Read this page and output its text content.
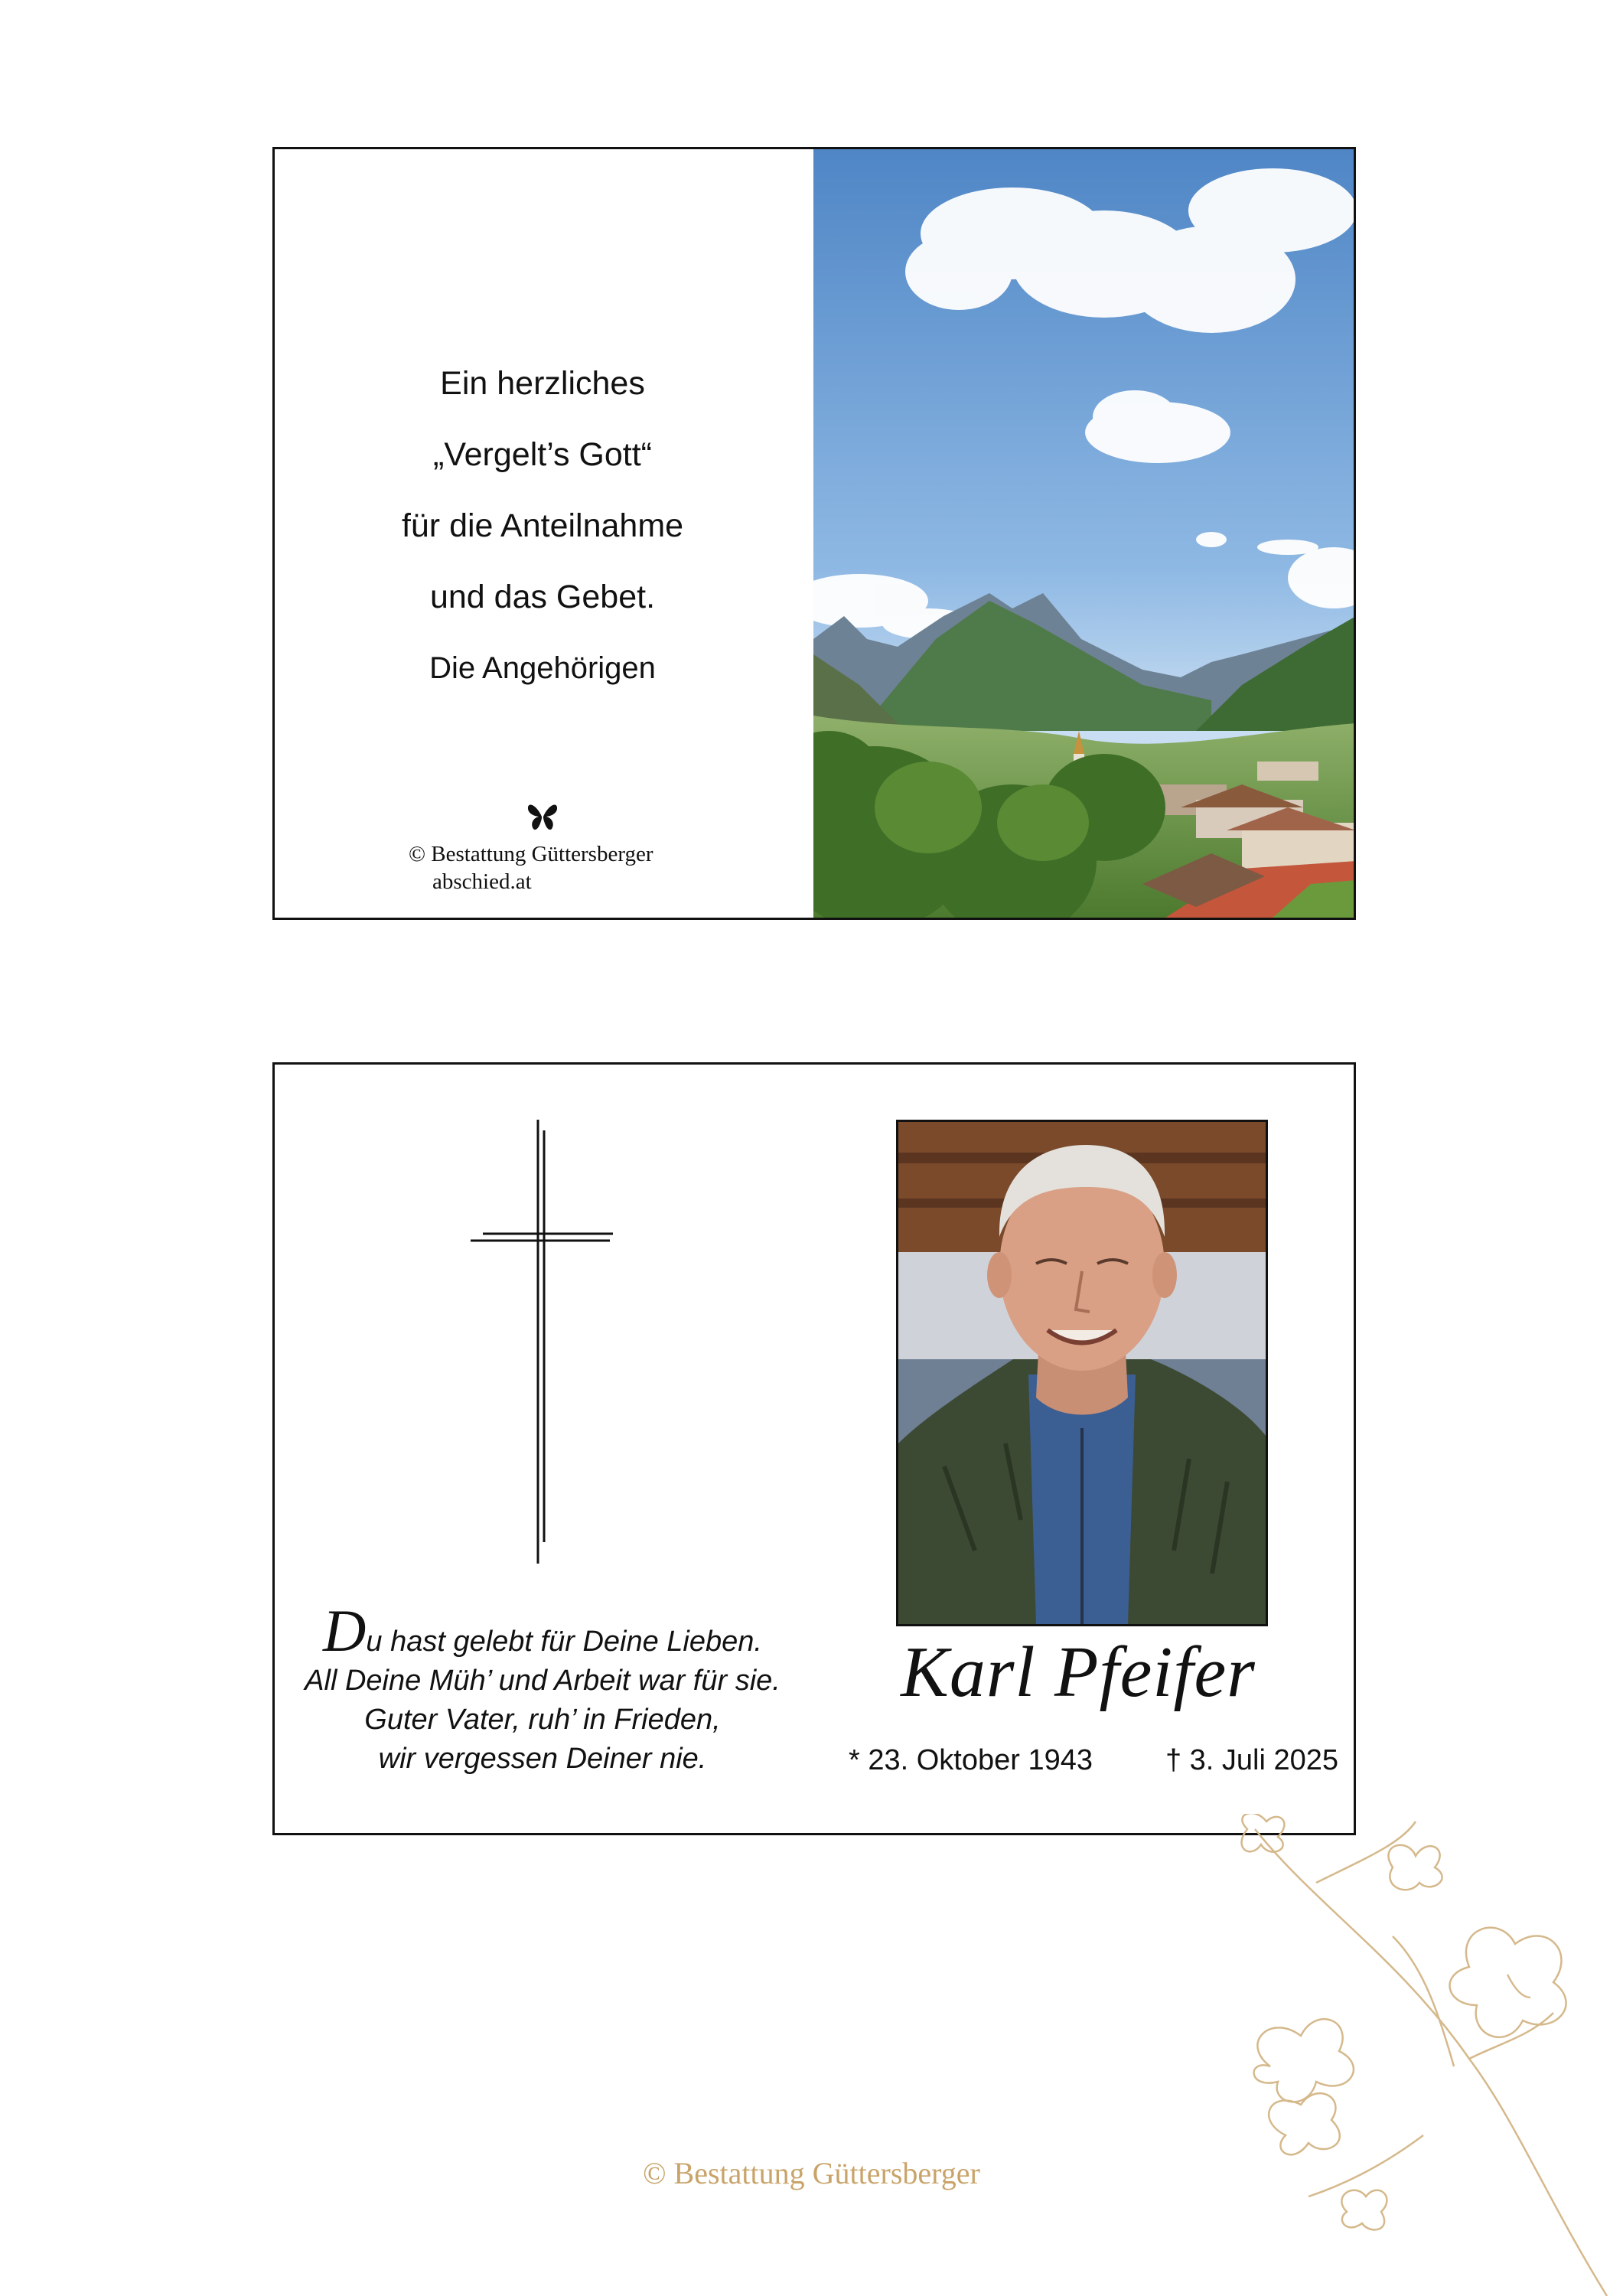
Ein herzliches
„Vergelt’s Gott“
für die Anteilnahme
und das Gebet.
Die Angehörigen
© Bestattung Güttersberger
abschied.at
Du hast gelebt für Deine Lieben.
All Deine Müh’ und Arbeit war für sie.
Guter Vater, ruh’ in Frieden,
wir vergessen Deiner nie.
Karl Pfeifer
* 23. Oktober 1943 † 3. Juli 2025
© Bestattung Güttersberger
